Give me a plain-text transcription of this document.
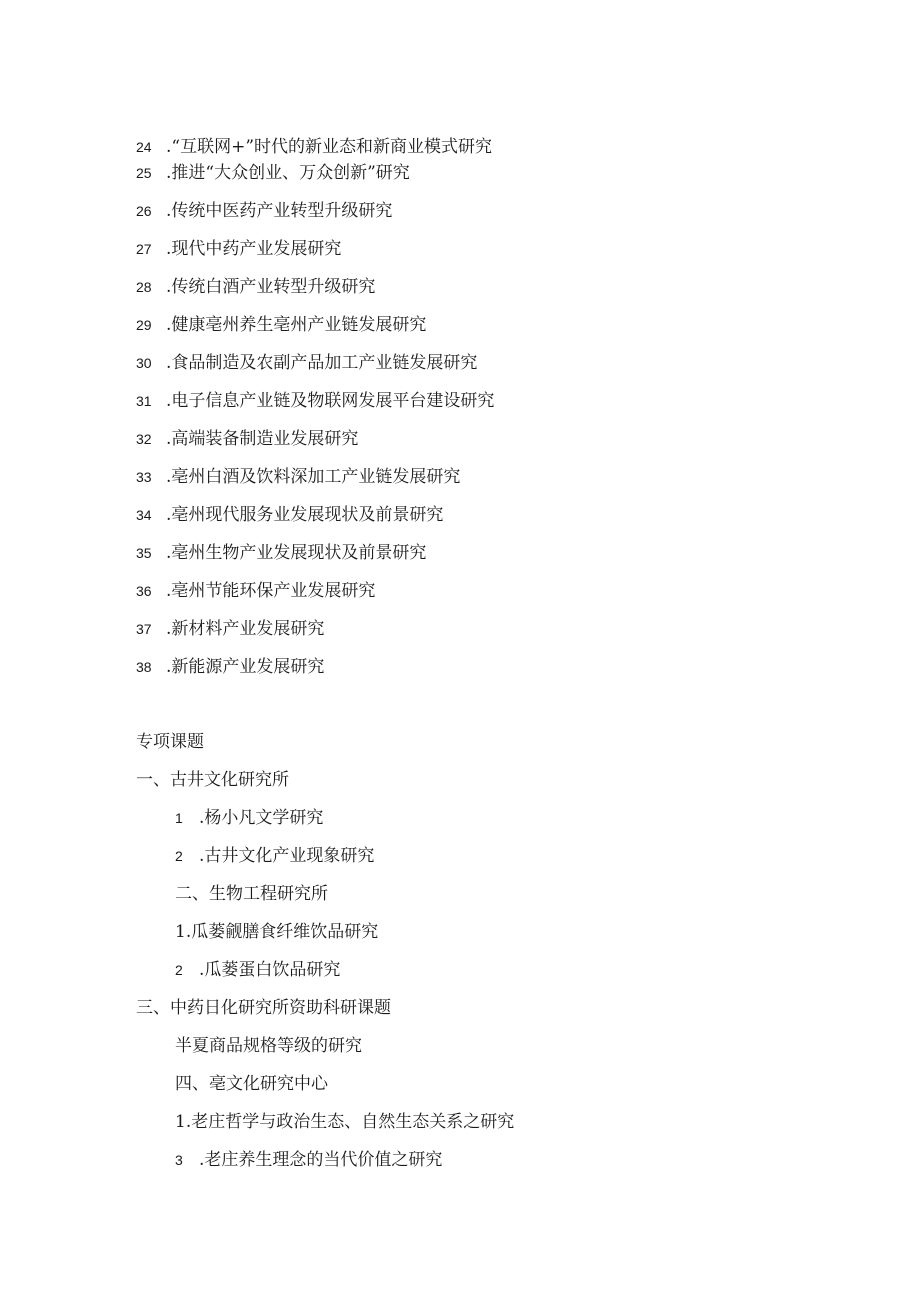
24 .“互联网+”时代的新业态和新商业模式研究
25 .推进“大众创业、万众创新”研究
26 .传统中医药产业转型升级研究
27 .现代中药产业发展研究
28 .传统白酒产业转型升级研究
29 .健康亳州养生亳州产业链发展研究
30 .食品制造及农副产品加工产业链发展研究
31 .电子信息产业链及物联网发展平台建设研究
32 .高端装备制造业发展研究
33 .亳州白酒及饮料深加工产业链发展研究
34 .亳州现代服务业发展现状及前景研究
35 .亳州生物产业发展现状及前景研究
36 .亳州节能环保产业发展研究
37 .新材料产业发展研究
38 .新能源产业发展研究
专项课题
一、古井文化研究所
1 .杨小凡文学研究
2 .古井文化产业现象研究
二、生物工程研究所
1.瓜蒌觎膳食纤维饮品研究
2 .瓜蒌蛋白饮品研究
三、中药日化研究所资助科研课题
半夏商品规格等级的研究
四、亳文化研究中心
1.老庄哲学与政治生态、自然生态关系之研究
3 .老庄养生理念的当代价值之研究
